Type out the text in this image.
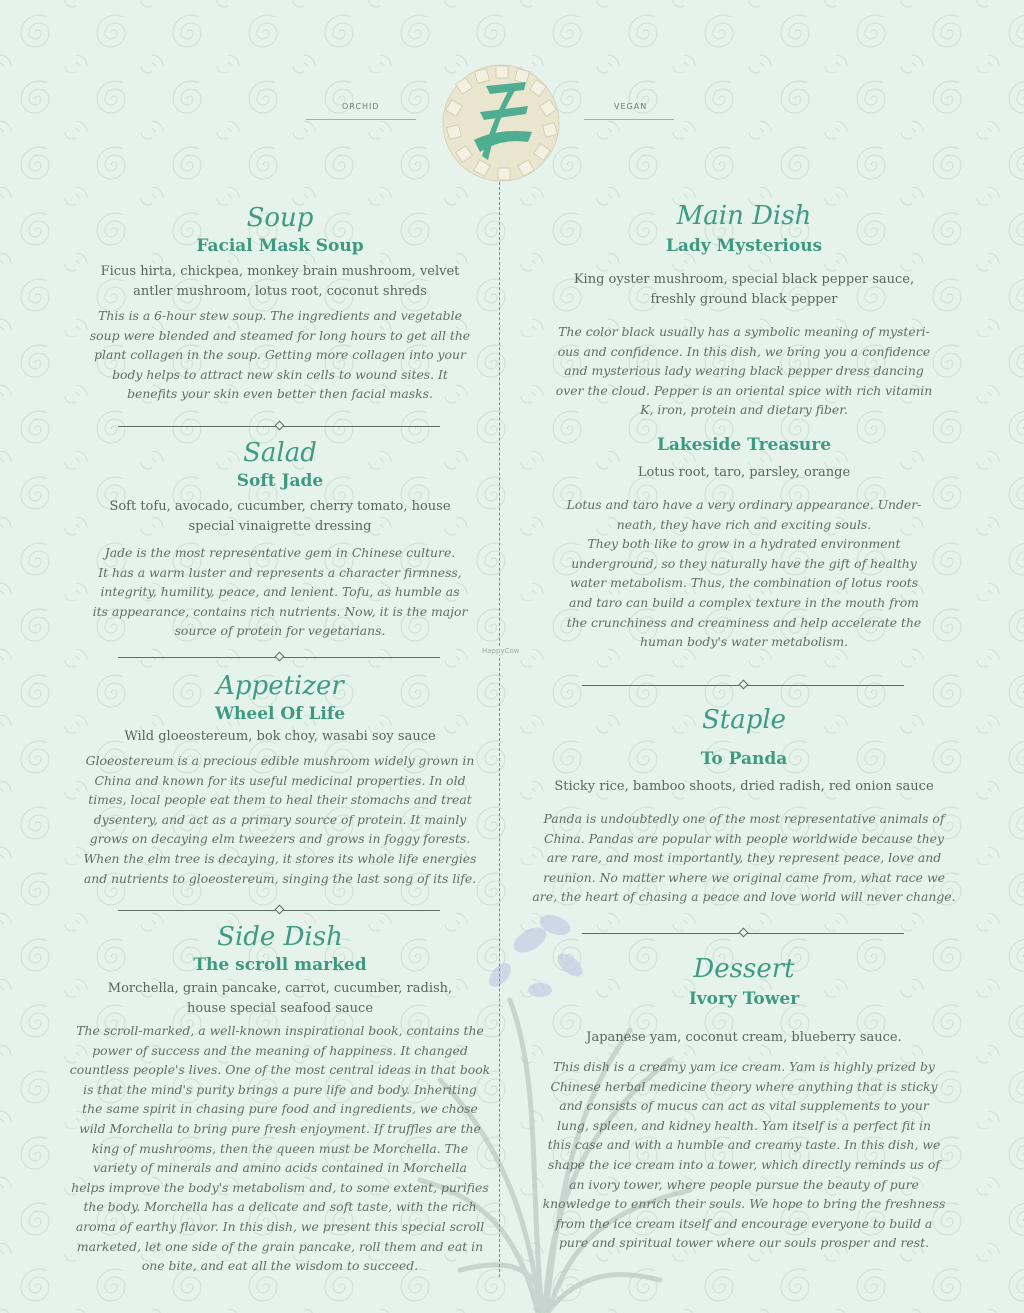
ORCHID	VEGAN
HappyCow

Soup

Facial Mask Soup

Ficus hirta, chickpea, monkey brain mushroom, velvet

antler mushroom, lotus root, coconut shreds

This is a 6-hour stew soup. The ingredients and vegetable

soup were blended and steamed for long hours to get all the

plant collagen in the soup. Getting more collagen into your

body helps to attract new skin cells to wound sites. It

benefits your skin even better then facial masks.

Salad

Soft Jade

Soft tofu, avocado, cucumber, cherry tomato, house

special vinaigrette dressing

Jade is the most representative gem in Chinese culture.

It has a warm luster and represents a character firmness,

integrity, humility, peace, and lenient. Tofu, as humble as

its appearance, contains rich nutrients. Now, it is the major

source of protein for vegetarians.

Appetizer

Wheel Of Life

Wild gloeostereum, bok choy, wasabi soy sauce

Gloeostereum is a precious edible mushroom widely grown in

China and known for its useful medicinal properties. In old

times, local people eat them to heal their stomachs and treat

dysentery, and act as a primary source of protein. It mainly

grows on decaying elm tweezers and grows in foggy forests.

When the elm tree is decaying, it stores its whole life energies

and nutrients to gloeostereum, singing the last song of its life.

Side Dish

The scroll marked

Morchella, grain pancake, carrot, cucumber, radish,

house special seafood sauce

The scroll-marked, a well-known inspirational book, contains the

power of success and the meaning of happiness. It changed

countless people's lives. One of the most central ideas in that book

is that the mind's purity brings a pure life and body. Inheriting

the same spirit in chasing pure food and ingredients, we chose

wild Morchella to bring pure fresh enjoyment. If truffles are the

king of mushrooms, then the queen must be Morchella. The

variety of minerals and amino acids contained in Morchella

helps improve the body's metabolism and, to some extent, purifies

the body. Morchella has a delicate and soft taste, with the rich

aroma of earthy flavor. In this dish, we present this special scroll

marketed, let one side of the grain pancake, roll them and eat in

one bite, and eat all the wisdom to succeed.

Main Dish

Lady Mysterious

King oyster mushroom, special black pepper sauce,

freshly ground black pepper

The color black usually has a symbolic meaning of mysteri-

ous and confidence. In this dish, we bring you a confidence

and mysterious lady wearing black pepper dress dancing

over the cloud. Pepper is an oriental spice with rich vitamin

K, iron, protein and dietary fiber.

Lakeside Treasure

Lotus root, taro, parsley, orange

Lotus and taro have a very ordinary appearance. Under-

neath, they have rich and exciting souls.

They both like to grow in a hydrated environment

underground, so they naturally have the gift of healthy

water metabolism. Thus, the combination of lotus roots

and taro can build a complex texture in the mouth from

the crunchiness and creaminess and help accelerate the

human body's water metabolism.

Staple

To Panda

Sticky rice, bamboo shoots, dried radish, red onion sauce

Panda is undoubtedly one of the most representative animals of

China. Pandas are popular with people worldwide because they

are rare, and most importantly, they represent peace, love and

reunion. No matter where we original came from, what race we

are, the heart of chasing a peace and love world will never change.

Dessert

Ivory Tower

Japanese yam, coconut cream, blueberry sauce.

This dish is a creamy yam ice cream. Yam is highly prized by

Chinese herbal medicine theory where anything that is sticky

and consists of mucus can act as vital supplements to your

lung, spleen, and kidney health. Yam itself is a perfect fit in

this case and with a humble and creamy taste. In this dish, we

shape the ice cream into a tower, which directly reminds us of

an ivory tower, where people pursue the beauty of pure

knowledge to enrich their souls. We hope to bring the freshness

from the ice cream itself and encourage everyone to build a

pure and spiritual tower where our souls prosper and rest.
